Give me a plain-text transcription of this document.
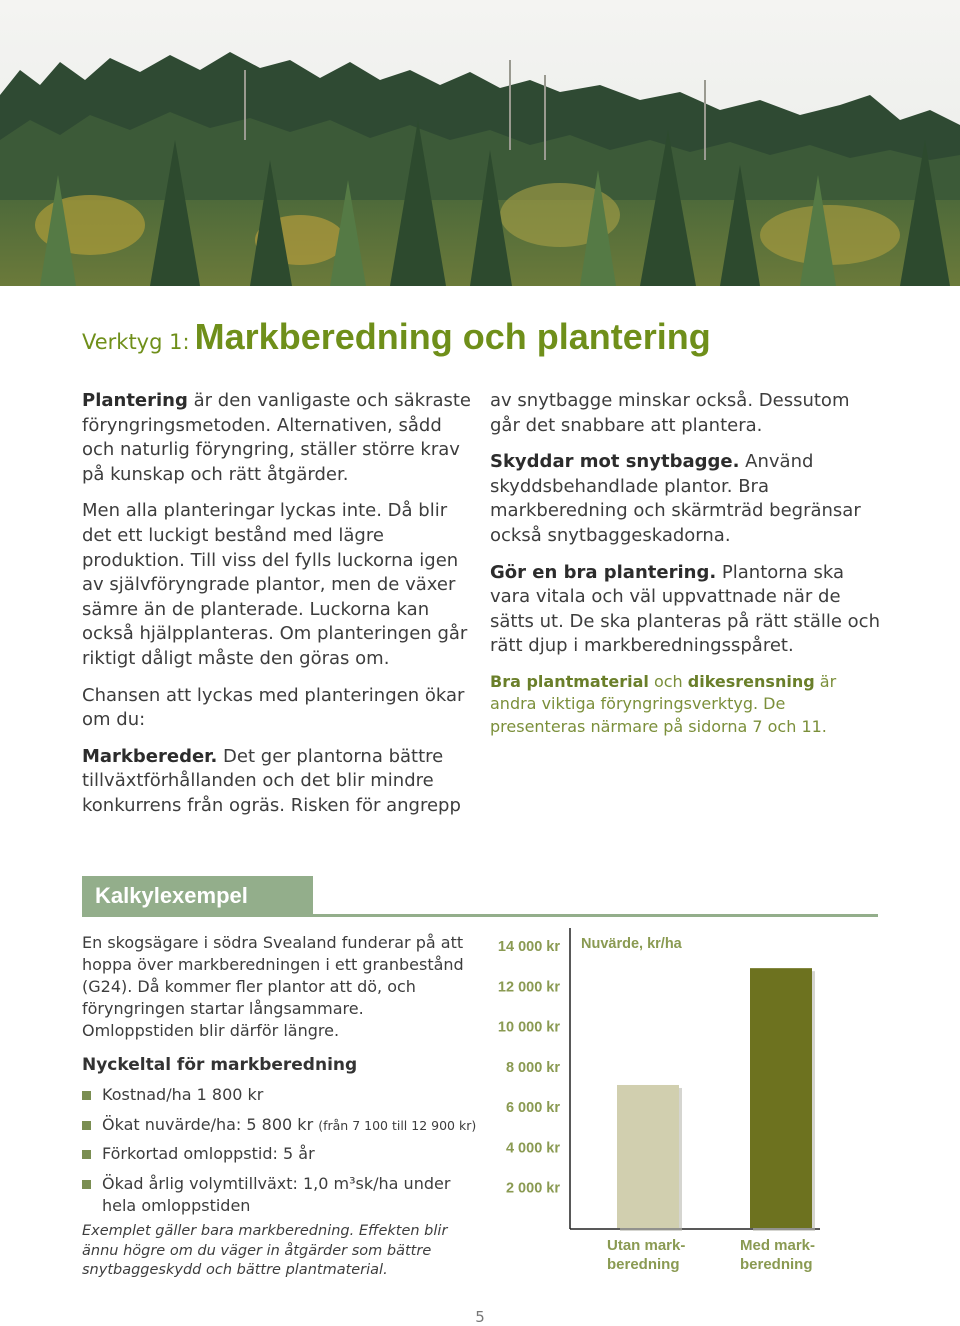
Verktyg 1: Markberedning och plantering

Plantering är den vanligaste och säkraste föryngringsmetoden. Alternativen, sådd och naturlig föryngring, ställer större krav på kunskap och rätt åtgärder.

Men alla planteringar lyckas inte. Då blir det ett luckigt bestånd med lägre produktion. Till viss del fylls luckorna igen av självföryngrade plantor, men de växer sämre än de planterade. Luckorna kan också hjälpplanteras. Om planteringen går riktigt dåligt måste den göras om.

Chansen att lyckas med planteringen ökar om du:

Markbereder. Det ger plantorna bättre tillväxtförhållanden och det blir mindre konkurrens från ogräs. Risken för angrepp

av snytbagge minskar också. Dessutom går det snabbare att plantera.

Skyddar mot snytbagge. Använd skyddsbehandlade plantor. Bra markberedning och skärmträd begränsar också snytbaggeskadorna.

Gör en bra plantering. Plantorna ska vara vitala och väl uppvattnade när de sätts ut. De ska planteras på rätt ställe och rätt djup i markberedningsspåret.

Bra plantmaterial och dikesrensning är andra viktiga föryngringsverktyg. De presenteras närmare på sidorna 7 och 11.

Kalkylexempel
En skogsägare i södra Svealand funderar på att hoppa över markberedningen i ett granbestånd (G24). Då kommer fler plantor att dö, och föryngringen startar långsammare. Omloppstiden blir därför längre.
Nyckeltal för markberedning
Kostnad/ha 1 800 kr
Ökat nuvärde/ha: 5 800 kr (från 7 100 till 12 900 kr)
Förkortad omloppstid: 5 år
Ökad årlig volymtillväxt: 1,0 m³sk/ha under hela omloppstiden
Exemplet gäller bara markberedning. Effekten blir ännu högre om du väger in åtgärder som bättre snytbaggeskydd och bättre plantmaterial.
Nuvärde, kr/ha
14 000 kr
12 000 kr
10 000 kr
8 000 kr
6 000 kr
4 000 kr
2 000 kr
Utan mark-
beredning
Med mark-
beredning
5
